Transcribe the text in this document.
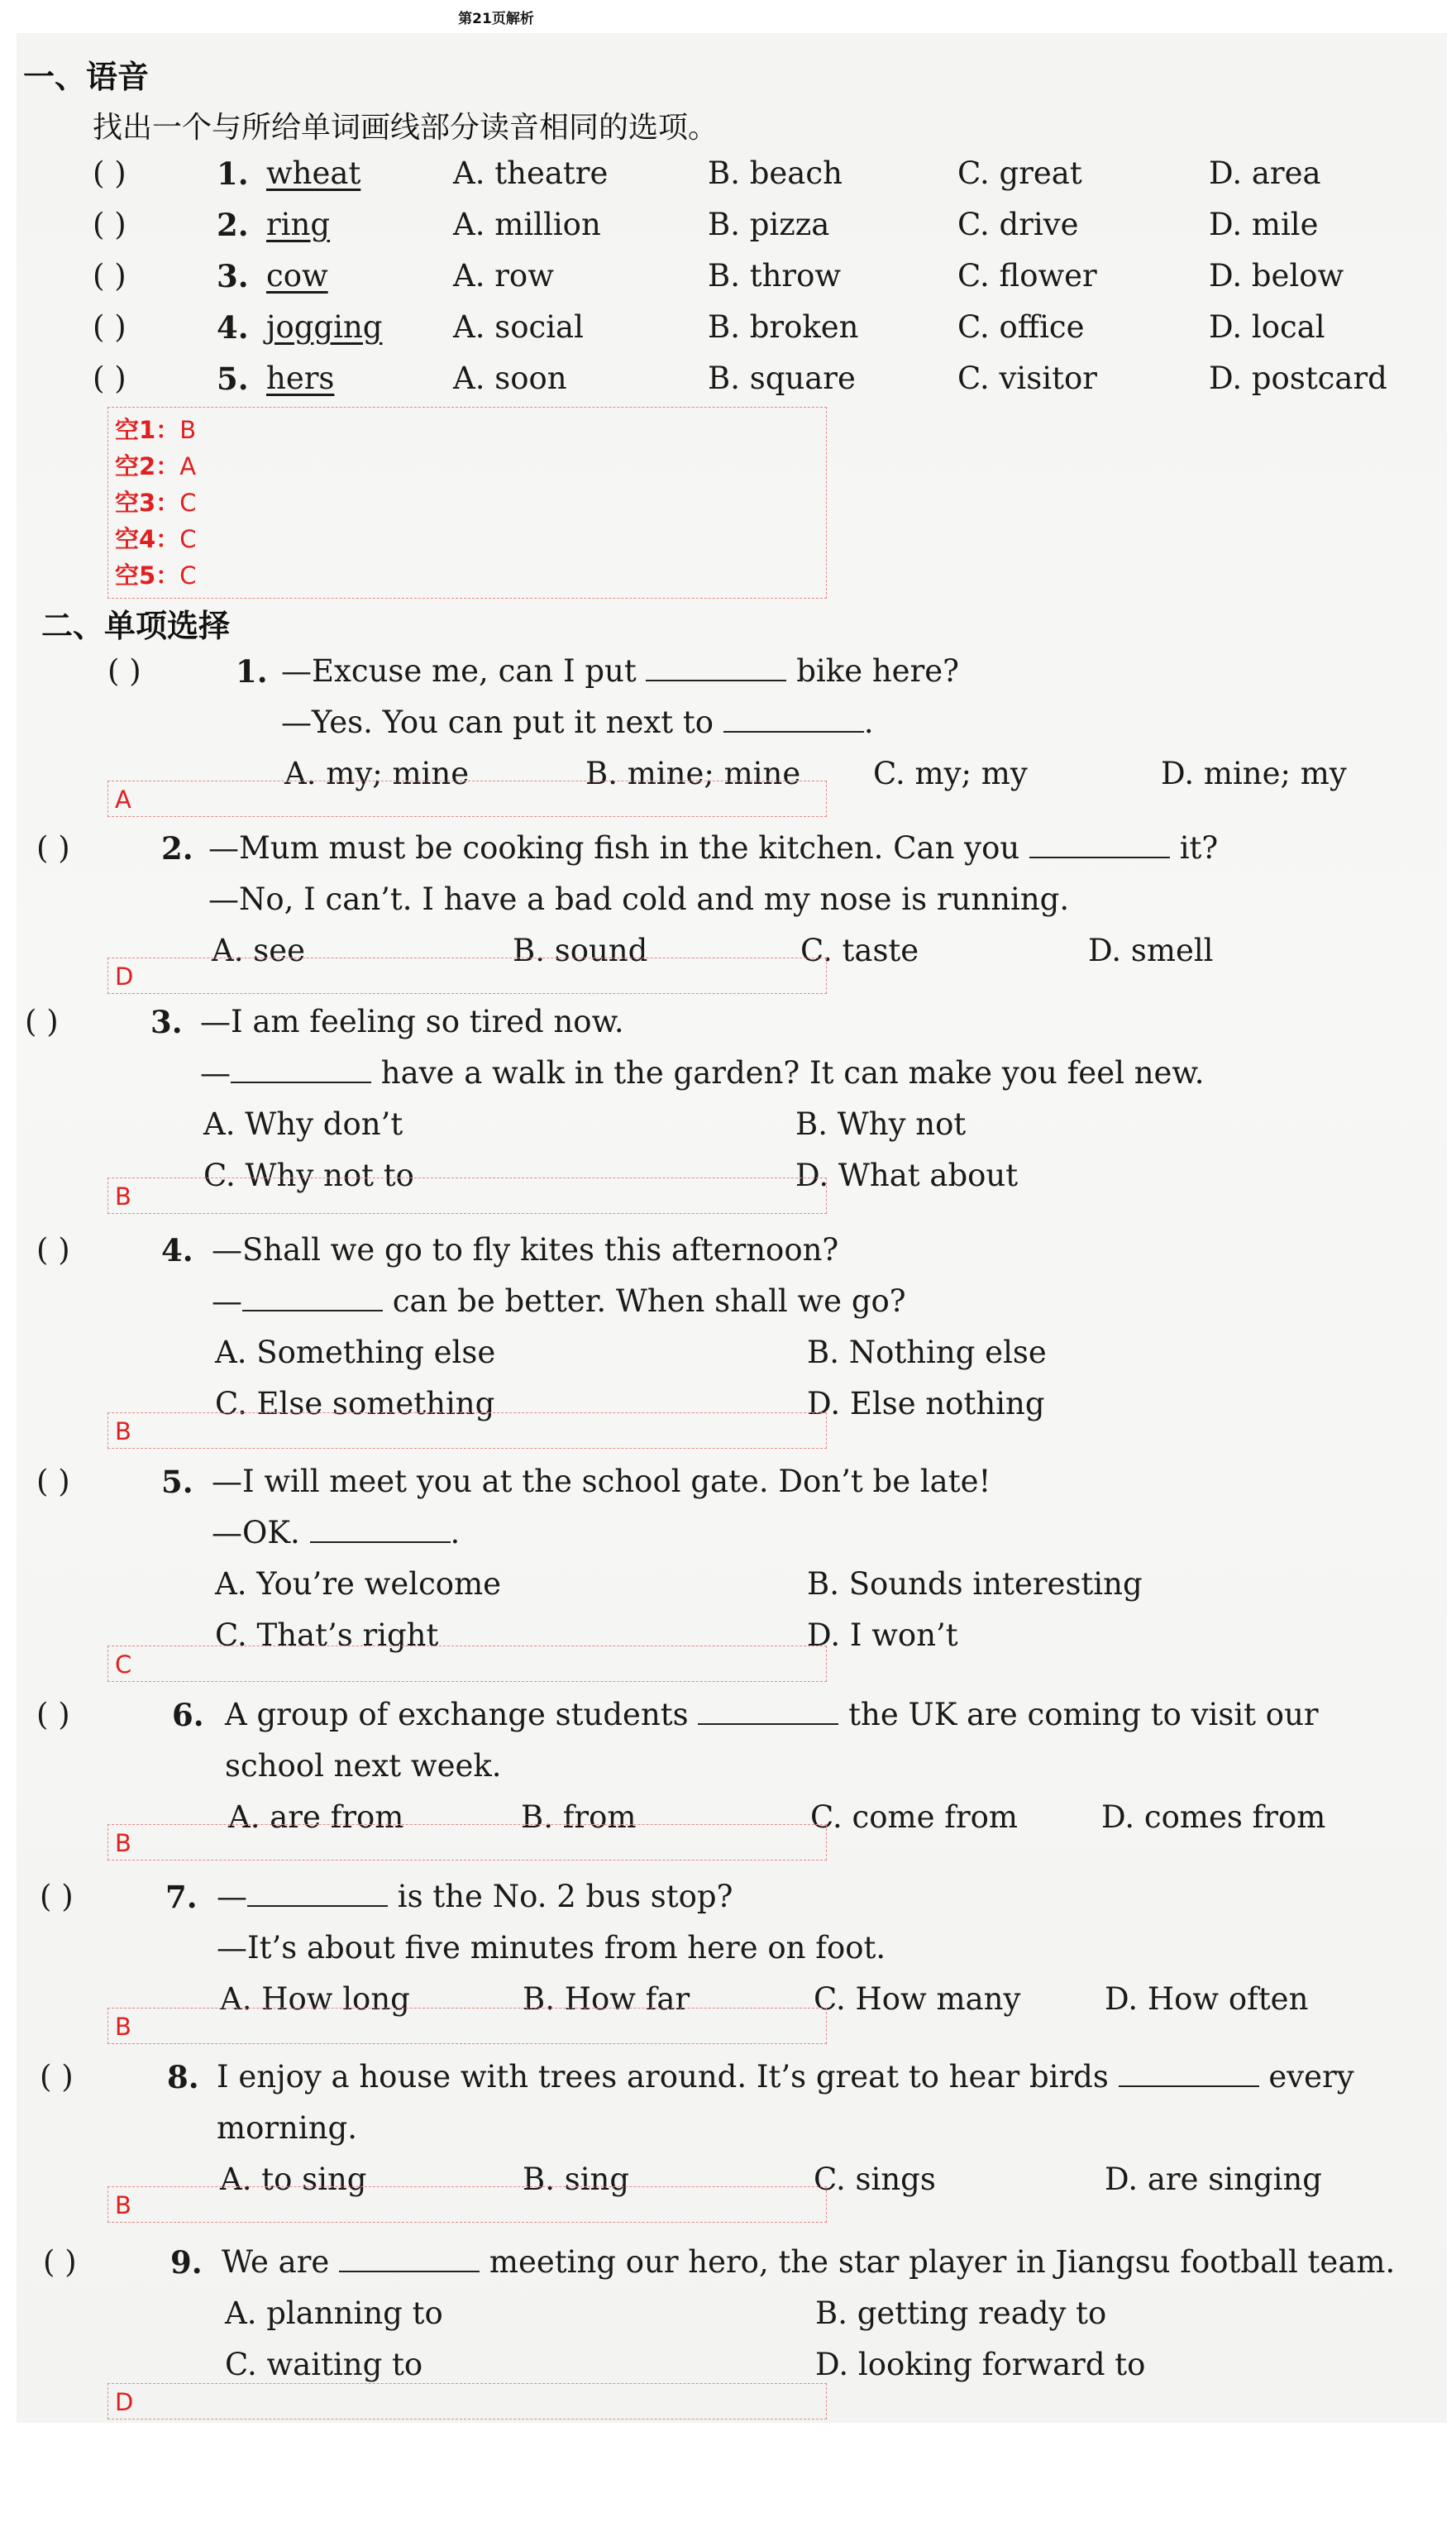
第21页解析
一、语音
找出一个与所给单词画线部分读音相同的选项。
( )	1. wheat	A. theatre	B. beach	C. great	D. area
( )	2. ring	A. million	B. pizza	C. drive	D. mile
( )	3. cow	A. row	B. throw	C. flower	D. below
( )	4. jogging A. social	B. broken	C. office	D. local
( )	5. hers	A. soon	B. square	C. visitor	D. postcard
空1：B
空2：A
空3：C
空4：C
空5：C
二、单项选择
( )	1. —Excuse me, can I put	bike here?
—Yes. You can put it next to	.
A. my; mine	B. mine; mine C. my; my	D. mine; my
A
( )	2. —Mum must be cooking fish in the kitchen. Can you	it?
—No, I can’t. I have a bad cold and my nose is running.
A. see	B. sound	C. taste	D. smell
D
( )	3. —I am feeling so tired now.
—	have a walk in the garden? It can make you feel new.
A. Why don’t	B. Why not
C. Why not to	D. What about
B
( )	4. —Shall we go to fly kites this afternoon?
—	can be better. When shall we go?
A. Something else	B. Nothing else
C. Else something	D. Else nothing
B
( )	5. —I will meet you at the school gate. Don’t be late!
—OK.	.
A. You’re welcome	B. Sounds interesting
C. That’s right	D. I won’t
C
( )	6. A group of exchange students	the UK are coming to visit our
school next week.
A. are from	B. from	C. come from	D. comes from
B
( )	7. —	is the No. 2 bus stop?
—It’s about five minutes from here on foot.
A. How long	B. How far	C. How many	D. How often
B
( )	8. I enjoy a house with trees around. It’s great to hear birds	every
morning.
A. to sing	B. sing	C. sings	D. are singing
B
( )	9. We are	meeting our hero, the star player in Jiangsu football team.
A. planning to	B. getting ready to
C. waiting to	D. looking forward to
D
